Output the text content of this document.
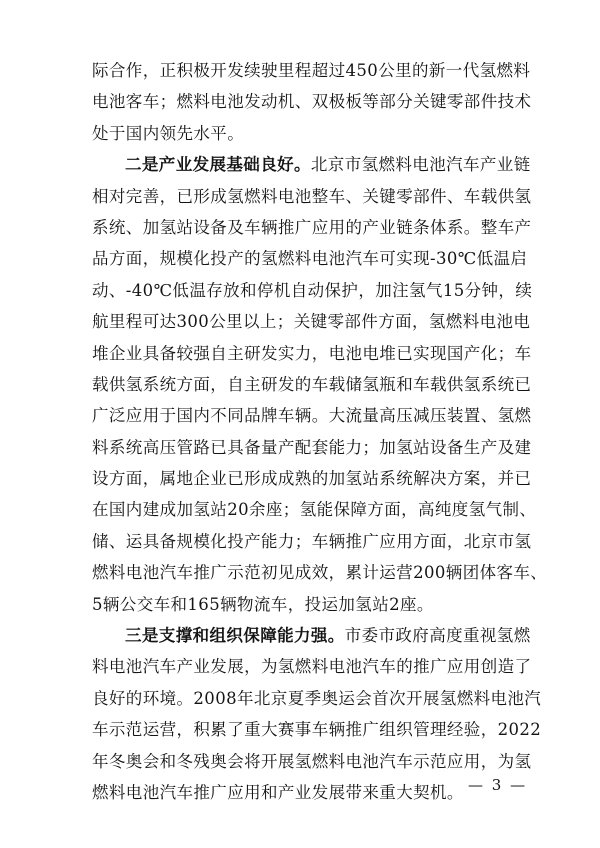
际合作，正积极开发续驶里程超过450公里的新一代氢燃料
电池客车；燃料电池发动机、双极板等部分关键零部件技术
处于国内领先水平。
二是产业发展基础良好。北京市氢燃料电池汽车产业链
相对完善，已形成氢燃料电池整车、关键零部件、车载供氢
系统、加氢站设备及车辆推广应用的产业链条体系。整车产
品方面，规模化投产的氢燃料电池汽车可实现-30℃低温启
动、-40℃低温存放和停机自动保护，加注氢气15分钟，续
航里程可达300公里以上；关键零部件方面，氢燃料电池电
堆企业具备较强自主研发实力，电池电堆已实现国产化；车
载供氢系统方面，自主研发的车载储氢瓶和车载供氢系统已
广泛应用于国内不同品牌车辆。大流量高压减压装置、氢燃
料系统高压管路已具备量产配套能力；加氢站设备生产及建
设方面，属地企业已形成成熟的加氢站系统解决方案，并已
在国内建成加氢站20余座；氢能保障方面，高纯度氢气制、
储、运具备规模化投产能力；车辆推广应用方面，北京市氢
燃料电池汽车推广示范初见成效，累计运营200辆团体客车、
5辆公交车和165辆物流车，投运加氢站2座。
三是支撑和组织保障能力强。市委市政府高度重视氢燃
料电池汽车产业发展，为氢燃料电池汽车的推广应用创造了
良好的环境。2008年北京夏季奥运会首次开展氢燃料电池汽
车示范运营，积累了重大赛事车辆推广组织管理经验，2022
年冬奥会和冬残奥会将开展氢燃料电池汽车示范应用，为氢
燃料电池汽车推广应用和产业发展带来重大契机。 — 3 —
